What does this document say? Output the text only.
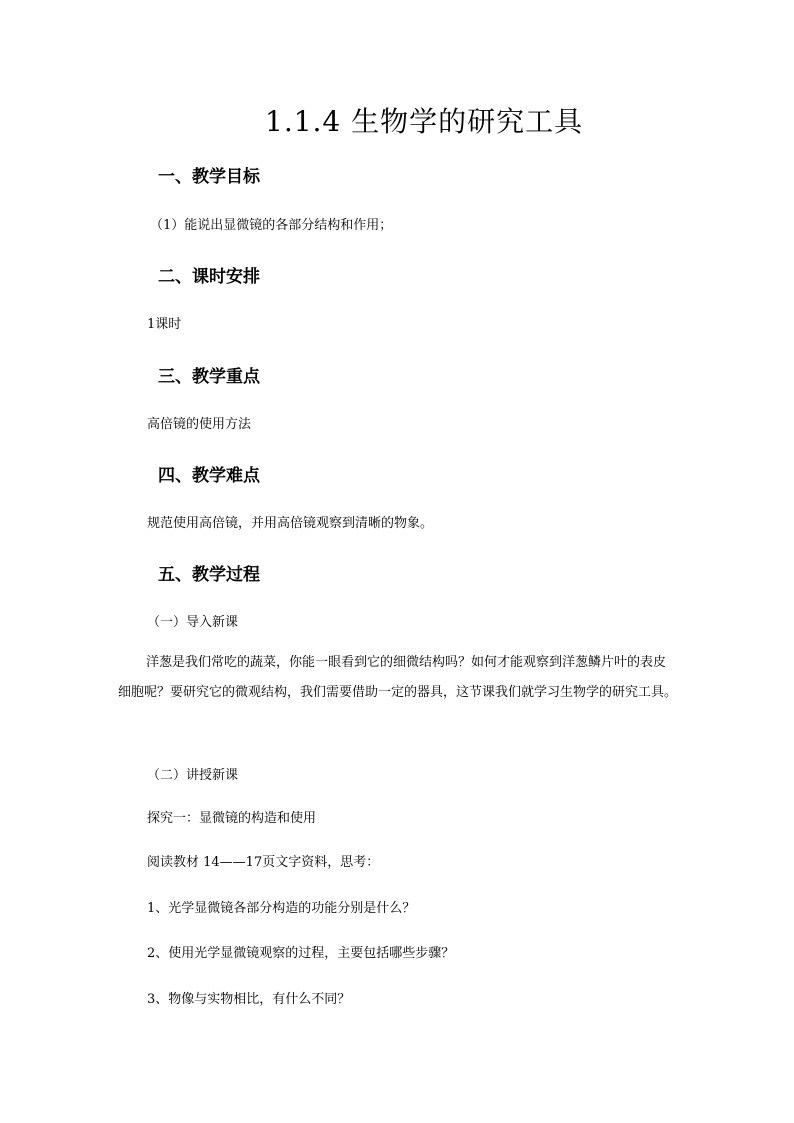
1.1.4 生物学的研究工具
一、教学目标
（1）能说出显微镜的各部分结构和作用；
二、课时安排
1课时
三、教学重点
高倍镜的使用方法
四、教学难点
规范使用高倍镜，并用高倍镜观察到清晰的物象。
五、教学过程
（一）导入新课
洋葱是我们常吃的蔬菜，你能一眼看到它的细微结构吗？如何才能观察到洋葱鳞片叶的表皮细胞呢？要研究它的微观结构，我们需要借助一定的器具，这节课我们就学习生物学的研究工具。
（二）讲授新课
探究一：显微镜的构造和使用
阅读教材 14——17页文字资料，思考：
1、光学显微镜各部分构造的功能分别是什么？
2、使用光学显微镜观察的过程，主要包括哪些步骤？
3、物像与实物相比，有什么不同？
